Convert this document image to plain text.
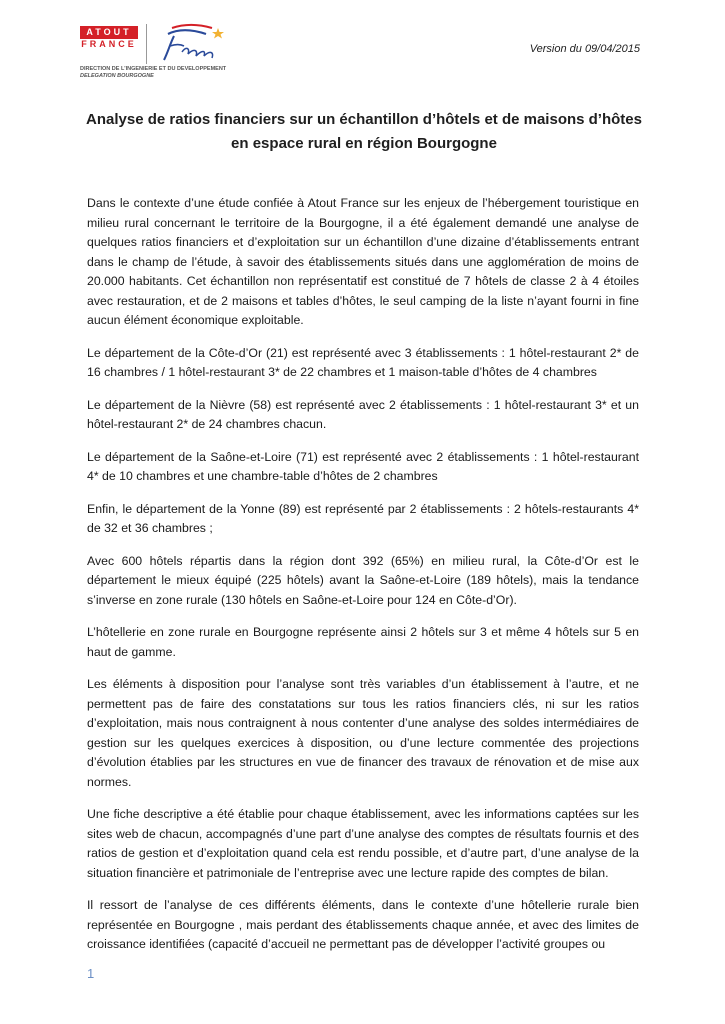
ATOUT
FRANCE
DIRECTION DE L'INGENIERIE ET DU DEVELOPPEMENT
DELEGATION BOURGOGNE
Version du 09/04/2015
Analyse de ratios financiers sur un échantillon d’hôtels et de maisons d’hôtes
en espace rural en région Bourgogne

Dans le contexte d’une étude confiée à Atout France sur les enjeux de l’hébergement touristique en milieu rural concernant le territoire de la Bourgogne, il a été également demandé une analyse de quelques ratios financiers et d’exploitation sur un échantillon d’une dizaine d’établissements entrant dans le champ de l’étude, à savoir des établissements situés dans une agglomération de moins de 20.000 habitants. Cet échantillon non représentatif est constitué de 7 hôtels de classe 2 à 4 étoiles avec restauration, et de 2 maisons et tables d’hôtes, le seul camping de la liste n’ayant fourni in fine aucun élément économique exploitable.

Le département de la Côte-d’Or (21) est représenté avec 3 établissements : 1 hôtel-restaurant 2* de 16 chambres / 1 hôtel-restaurant 3* de 22 chambres et 1 maison-table d’hôtes de 4 chambres

Le département de la Nièvre (58) est représenté avec 2 établissements : 1 hôtel-restaurant 3* et un hôtel-restaurant 2* de 24 chambres chacun.

Le département de la Saône-et-Loire (71) est représenté avec 2 établissements : 1 hôtel-restaurant 4* de 10 chambres et une chambre-table d’hôtes de 2 chambres

Enfin, le département de la Yonne (89) est représenté par 2 établissements : 2 hôtels-restaurants 4* de 32 et 36 chambres ;

Avec 600 hôtels répartis dans la région dont 392 (65%) en milieu rural, la Côte-d’Or est le département le mieux équipé (225 hôtels) avant la Saône-et-Loire (189 hôtels), mais la tendance s’inverse en zone rurale (130 hôtels en Saône-et-Loire pour 124 en Côte-d’Or).

L’hôtellerie en zone rurale en Bourgogne représente ainsi 2 hôtels sur 3 et même 4 hôtels sur 5 en haut de gamme.

Les éléments à disposition pour l’analyse sont très variables d’un établissement à l’autre, et ne permettent pas de faire des constatations sur tous les ratios financiers clés, ni sur les ratios d’exploitation, mais nous contraignent à nous contenter d’une analyse des soldes intermédiaires de gestion sur les quelques exercices à disposition, ou d’une lecture commentée des projections d’évolution établies par les structures en vue de financer des travaux de rénovation et de mise aux normes.

Une fiche descriptive a été établie pour chaque établissement, avec les informations captées sur les sites web de chacun, accompagnés d’une part d’une analyse des comptes de résultats fournis et des ratios de gestion et d’exploitation quand cela est rendu possible, et d’autre part, d’une analyse de la situation financière et patrimoniale de l’entreprise avec une lecture rapide des comptes de bilan.

Il ressort de l’analyse de ces différents éléments, dans le contexte d’une hôtellerie rurale bien représentée en Bourgogne , mais perdant des établissements chaque année, et avec des limites de croissance identifiées (capacité d’accueil ne permettant pas de développer l’activité groupes ou

1
